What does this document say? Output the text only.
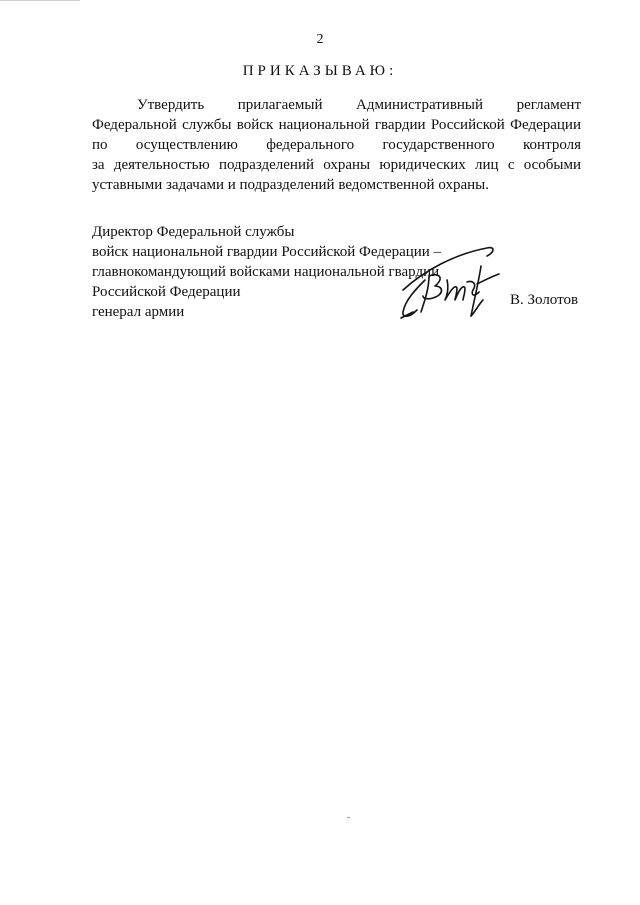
2
ПРИКАЗЫВАЮ:
Утвердить прилагаемый Административный регламент
Федеральной службы войск национальной гвардии Российской Федерации
по осуществлению федерального государственного контроля
за деятельностью подразделений охраны юридических лиц с особыми
уставными задачами и подразделений ведомственной охраны.
Директор Федеральной службы
войск национальной гвардии Российской Федерации –
главнокомандующий войсками национальной гвардии
Российской Федерации
генерал армии
В. Золотов
